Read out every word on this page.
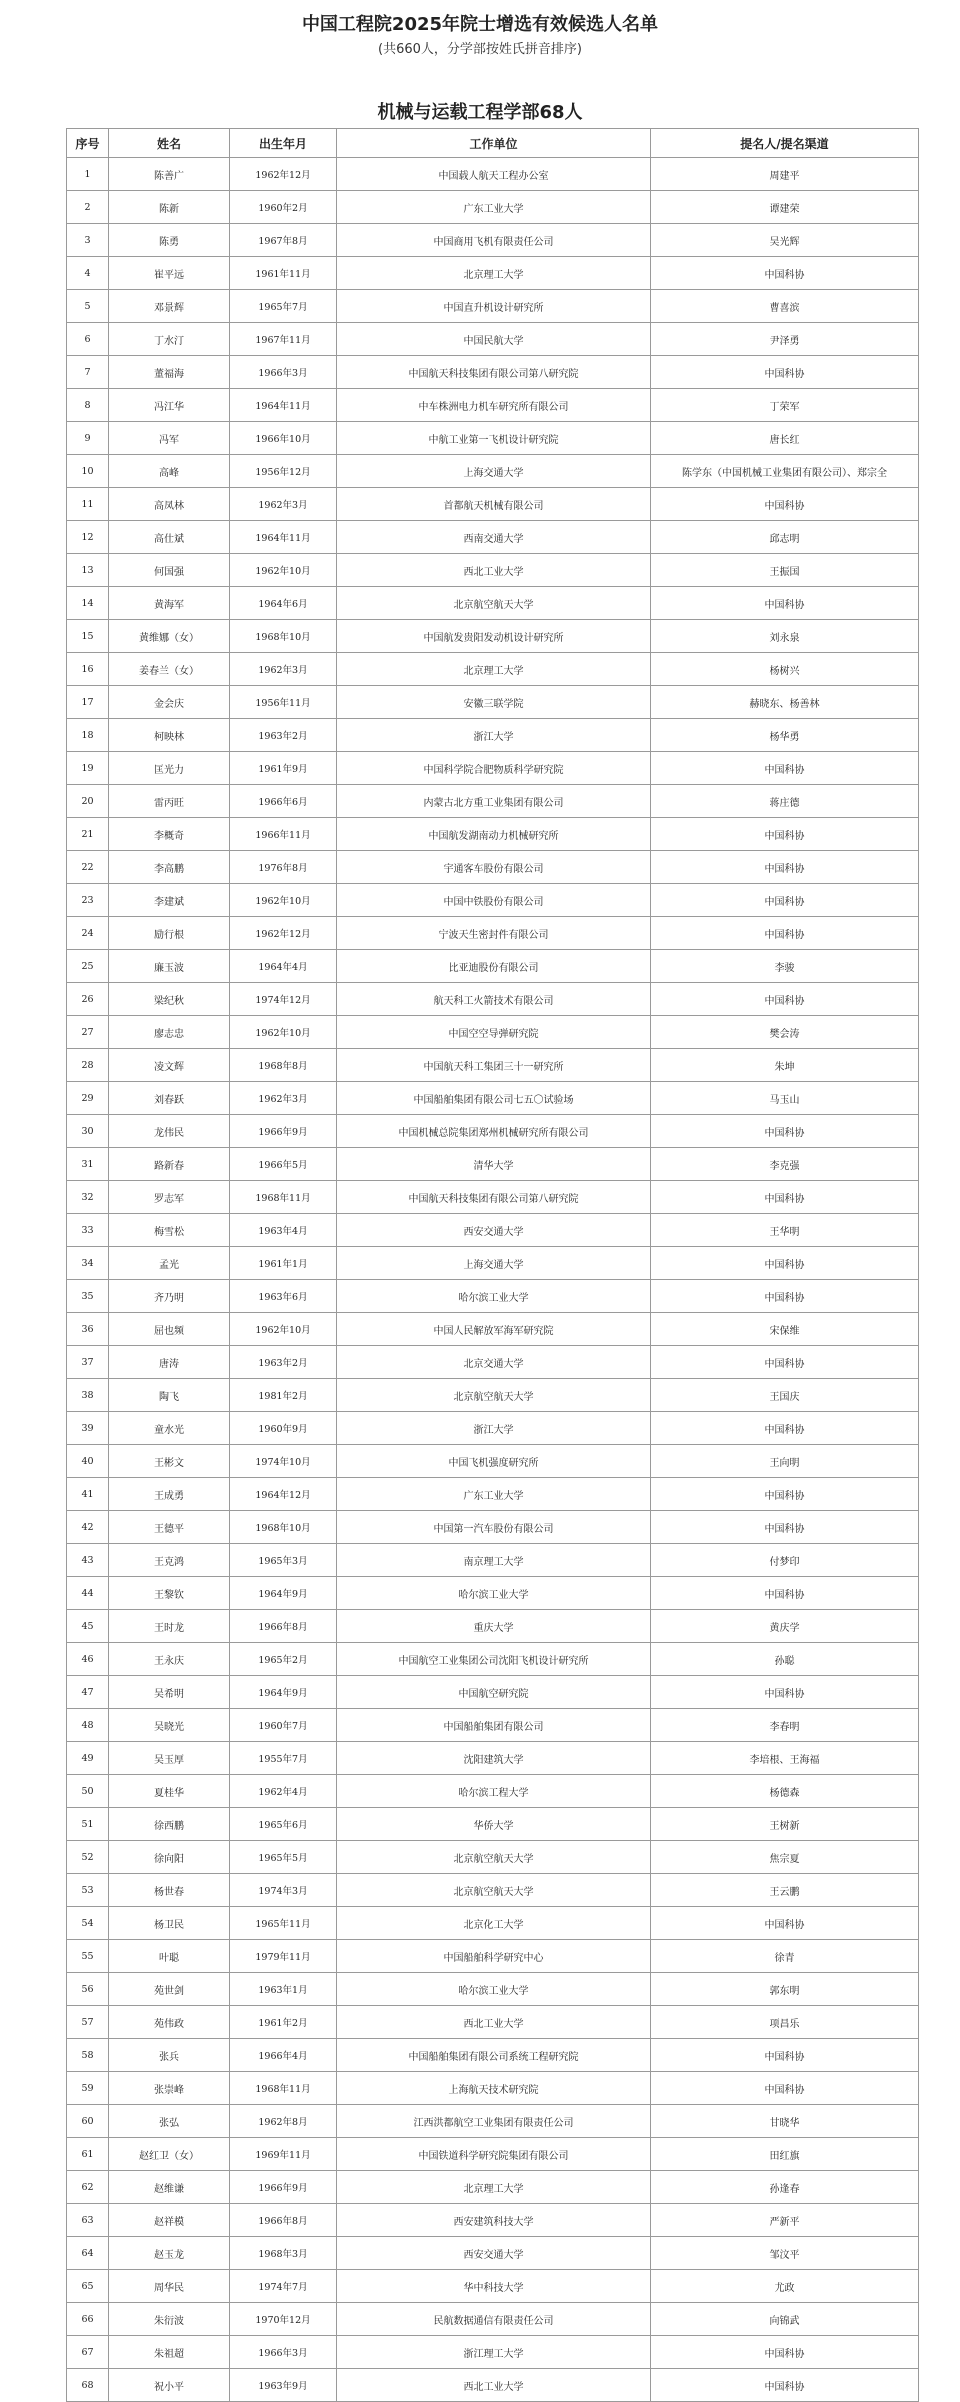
中国工程院2025年院士增选有效候选人名单
(共660人，分学部按姓氏拼音排序)
机械与运载工程学部68人
序号	姓名	出生年月	工作单位	提名人/提名渠道
1	陈善广	1962年12月	中国载人航天工程办公室	周建平
2	陈新	1960年2月	广东工业大学	谭建荣
3	陈勇	1967年8月	中国商用飞机有限责任公司	吴光辉
4	崔平远	1961年11月	北京理工大学	中国科协
5	邓景辉	1965年7月	中国直升机设计研究所	曹喜滨
6	丁水汀	1967年11月	中国民航大学	尹泽勇
7	董福海	1966年3月	中国航天科技集团有限公司第八研究院	中国科协
8	冯江华	1964年11月	中车株洲电力机车研究所有限公司	丁荣军
9	冯军	1966年10月	中航工业第一飞机设计研究院	唐长红
10	高峰	1956年12月	上海交通大学	陈学东（中国机械工业集团有限公司）、郑宗全
11	高凤林	1962年3月	首都航天机械有限公司	中国科协
12	高仕斌	1964年11月	西南交通大学	邱志明
13	何国强	1962年10月	西北工业大学	王振国
14	黄海军	1964年6月	北京航空航天大学	中国科协
15	黄维娜（女）	1968年10月	中国航发贵阳发动机设计研究所	刘永泉
16	姜春兰（女）	1962年3月	北京理工大学	杨树兴
17	金会庆	1956年11月	安徽三联学院	赫晓东、杨善林
18	柯映林	1963年2月	浙江大学	杨华勇
19	匡光力	1961年9月	中国科学院合肥物质科学研究院	中国科协
20	雷丙旺	1966年6月	内蒙古北方重工业集团有限公司	蒋庄德
21	李概奇	1966年11月	中国航发湖南动力机械研究所	中国科协
22	李高鹏	1976年8月	宇通客车股份有限公司	中国科协
23	李建斌	1962年10月	中国中铁股份有限公司	中国科协
24	励行根	1962年12月	宁波天生密封件有限公司	中国科协
25	廉玉波	1964年4月	比亚迪股份有限公司	李骏
26	梁纪秋	1974年12月	航天科工火箭技术有限公司	中国科协
27	廖志忠	1962年10月	中国空空导弹研究院	樊会涛
28	凌文辉	1968年8月	中国航天科工集团三十一研究所	朱坤
29	刘春跃	1962年3月	中国船舶集团有限公司七五〇试验场	马玉山
30	龙伟民	1966年9月	中国机械总院集团郑州机械研究所有限公司	中国科协
31	路新春	1966年5月	清华大学	李克强
32	罗志军	1968年11月	中国航天科技集团有限公司第八研究院	中国科协
33	梅雪松	1963年4月	西安交通大学	王华明
34	孟光	1961年1月	上海交通大学	中国科协
35	齐乃明	1963年6月	哈尔滨工业大学	中国科协
36	屈也频	1962年10月	中国人民解放军海军研究院	宋保维
37	唐涛	1963年2月	北京交通大学	中国科协
38	陶飞	1981年2月	北京航空航天大学	王国庆
39	童水光	1960年9月	浙江大学	中国科协
40	王彬文	1974年10月	中国飞机强度研究所	王向明
41	王成勇	1964年12月	广东工业大学	中国科协
42	王德平	1968年10月	中国第一汽车股份有限公司	中国科协
43	王克鸿	1965年3月	南京理工大学	付梦印
44	王黎钦	1964年9月	哈尔滨工业大学	中国科协
45	王时龙	1966年8月	重庆大学	黄庆学
46	王永庆	1965年2月	中国航空工业集团公司沈阳飞机设计研究所	孙聪
47	吴希明	1964年9月	中国航空研究院	中国科协
48	吴晓光	1960年7月	中国船舶集团有限公司	李春明
49	吴玉厚	1955年7月	沈阳建筑大学	李培根、王海福
50	夏桂华	1962年4月	哈尔滨工程大学	杨德森
51	徐西鹏	1965年6月	华侨大学	王树新
52	徐向阳	1965年5月	北京航空航天大学	焦宗夏
53	杨世春	1974年3月	北京航空航天大学	王云鹏
54	杨卫民	1965年11月	北京化工大学	中国科协
55	叶聪	1979年11月	中国船舶科学研究中心	徐青
56	苑世剑	1963年1月	哈尔滨工业大学	郭东明
57	苑伟政	1961年2月	西北工业大学	项昌乐
58	张兵	1966年4月	中国船舶集团有限公司系统工程研究院	中国科协
59	张崇峰	1968年11月	上海航天技术研究院	中国科协
60	张弘	1962年8月	江西洪都航空工业集团有限责任公司	甘晓华
61	赵红卫（女）	1969年11月	中国铁道科学研究院集团有限公司	田红旗
62	赵维谦	1966年9月	北京理工大学	孙逢春
63	赵祥模	1966年8月	西安建筑科技大学	严新平
64	赵玉龙	1968年3月	西安交通大学	邹汶平
65	周华民	1974年7月	华中科技大学	尤政
66	朱衍波	1970年12月	民航数据通信有限责任公司	向锦武
67	朱祖超	1966年3月	浙江理工大学	中国科协
68	祝小平	1963年9月	西北工业大学	中国科协
